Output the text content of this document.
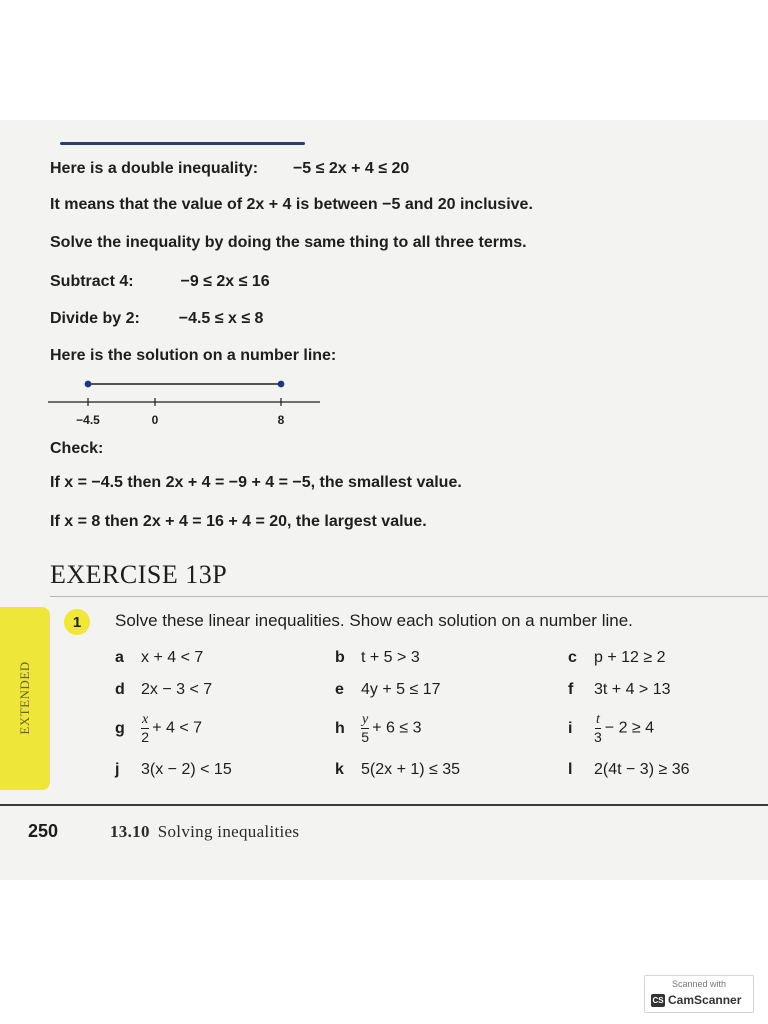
Here is a double inequality: −5 ≤ 2x + 4 ≤ 20
It means that the value of 2x + 4 is between −5 and 20 inclusive.
Solve the inequality by doing the same thing to all three terms.
Subtract 4:	−9 ≤ 2x ≤ 16
Divide by 2: −4.5 ≤ x ≤ 8
Here is the solution on a number line:
−4.5	0	8
Check:
If x = −4.5 then 2x + 4 = −9 + 4 = −5, the smallest value.
If x = 8 then 2x + 4 = 16 + 4 = 20, the largest value.
EXERCISE 13P
EXTENDED
1	Solve these linear inequalities. Show each solution on a number line.
a x + 4 < 7	b t + 5 > 3	c p + 12 ≥ 2
d 2x − 3 < 7	e 4y + 5 ≤ 17	f 3t + 4 > 13
g $\frac{x}{2} + 4 < 7$	h $\frac{y}{5} + 6 \le 3$	i $\frac{t}{3} - 2 \ge 4$
j 3(x − 2) < 15	k 5(2x + 1) ≤ 35	l 2(4t − 3) ≥ 36
250	13.10 Solving inequalities
Scanned with
CS CamScanner
